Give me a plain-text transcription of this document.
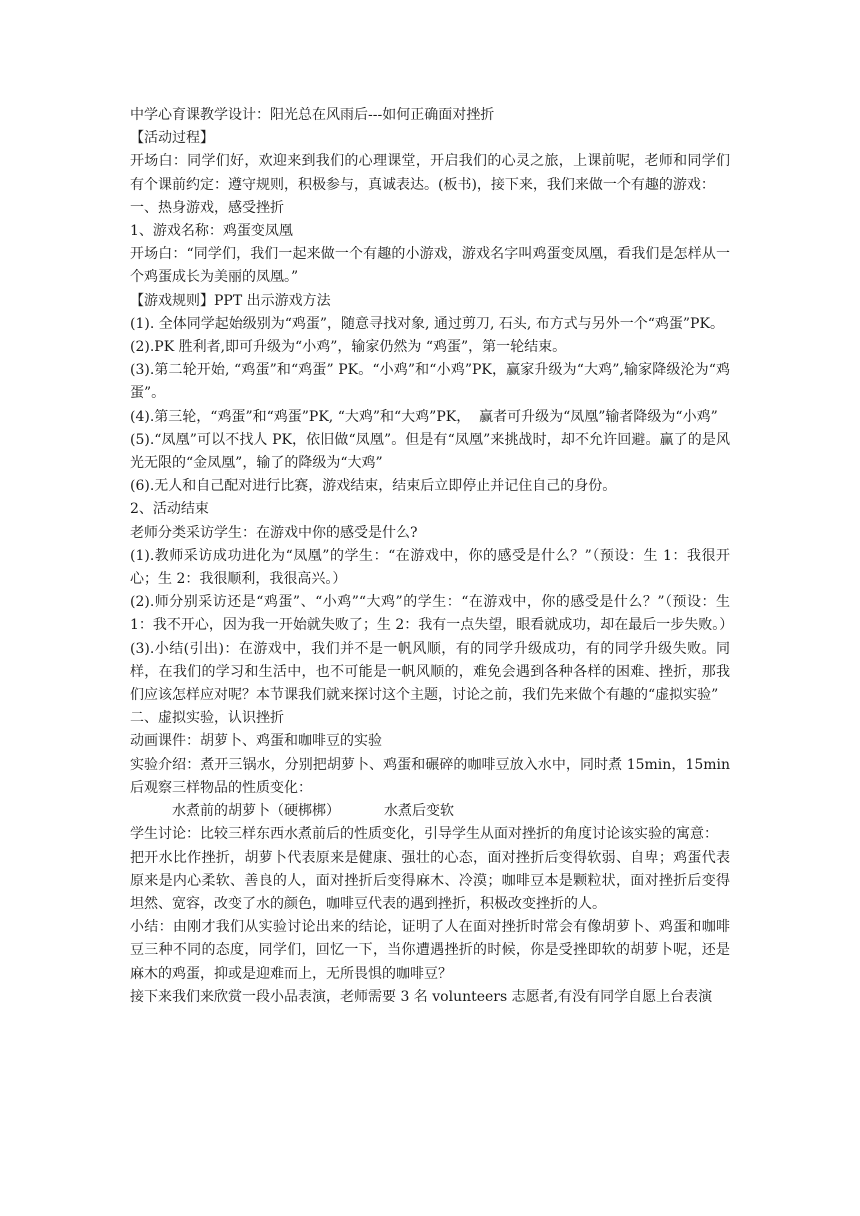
中学心育课教学设计：阳光总在风雨后---如何正确面对挫折

【活动过程】

开场白：同学们好，欢迎来到我们的心理课堂，开启我们的心灵之旅，上课前呢，老师和同学们有个课前约定：遵守规则，积极参与，真诚表达。(板书)，接下来，我们来做一个有趣的游戏：

一、热身游戏，感受挫折

1、游戏名称：鸡蛋变凤凰

开场白：“同学们，我们一起来做一个有趣的小游戏，游戏名字叫鸡蛋变凤凰，看我们是怎样从一个鸡蛋成长为美丽的凤凰。”

【游戏规则】PPT 出示游戏方法

(1). 全体同学起始级别为“鸡蛋”，随意寻找对象, 通过剪刀, 石头, 布方式与另外一个“鸡蛋”PK。

(2).PK 胜利者,即可升级为“小鸡”，输家仍然为 “鸡蛋”，第一轮结束。

(3).第二轮开始, “鸡蛋”和“鸡蛋” PK。“小鸡”和“小鸡”PK，赢家升级为“大鸡”,输家降级沦为“鸡蛋”。

(4).第三轮，“鸡蛋”和“鸡蛋”PK, “大鸡”和“大鸡”PK，  赢者可升级为“凤凰”输者降级为“小鸡”

(5).“凤凰”可以不找人 PK，依旧做“凤凰”。但是有“凤凰”来挑战时，却不允许回避。赢了的是风光无限的“金凤凰”，输了的降级为“大鸡”

(6).无人和自己配对进行比赛，游戏结束，结束后立即停止并记住自己的身份。

2、活动结束

老师分类采访学生：在游戏中你的感受是什么?

(1).教师采访成功进化为“凤凰”的学生：“在游戏中，你的感受是什么？”（预设：生 1：我很开心；生 2：我很顺利，我很高兴。）

(2).师分别采访还是“鸡蛋”、“小鸡”“大鸡”的学生：“在游戏中，你的感受是什么？”（预设：生 1：我不开心，因为我一开始就失败了；生 2：我有一点失望，眼看就成功，却在最后一步失败。）

(3).小结(引出)：在游戏中，我们并不是一帆风顺，有的同学升级成功，有的同学升级失败。同样，在我们的学习和生活中，也不可能是一帆风顺的，难免会遇到各种各样的困难、挫折，那我们应该怎样应对呢？本节课我们就来探讨这个主题，讨论之前，我们先来做个有趣的“虚拟实验”

二、虚拟实验，认识挫折

动画课件：胡萝卜、鸡蛋和咖啡豆的实验

实验介绍：煮开三锅水，分别把胡萝卜、鸡蛋和碾碎的咖啡豆放入水中，同时煮 15min，15min 后观察三样物品的性质变化：

水煮前的胡萝卜（硬梆梆）	水煮后变软

学生讨论：比较三样东西水煮前后的性质变化，引导学生从面对挫折的角度讨论该实验的寓意：

把开水比作挫折，胡萝卜代表原来是健康、强壮的心态，面对挫折后变得软弱、自卑；鸡蛋代表原来是内心柔软、善良的人，面对挫折后变得麻木、冷漠；咖啡豆本是颗粒状，面对挫折后变得坦然、宽容，改变了水的颜色，咖啡豆代表的遇到挫折，积极改变挫折的人。

小结：由刚才我们从实验讨论出来的结论，证明了人在面对挫折时常会有像胡萝卜、鸡蛋和咖啡豆三种不同的态度，同学们，回忆一下，当你遭遇挫折的时候，你是受挫即软的胡萝卜呢，还是麻木的鸡蛋，抑或是迎难而上，无所畏惧的咖啡豆？

接下来我们来欣赏一段小品表演，老师需要 3 名 volunteers 志愿者,有没有同学自愿上台表演
